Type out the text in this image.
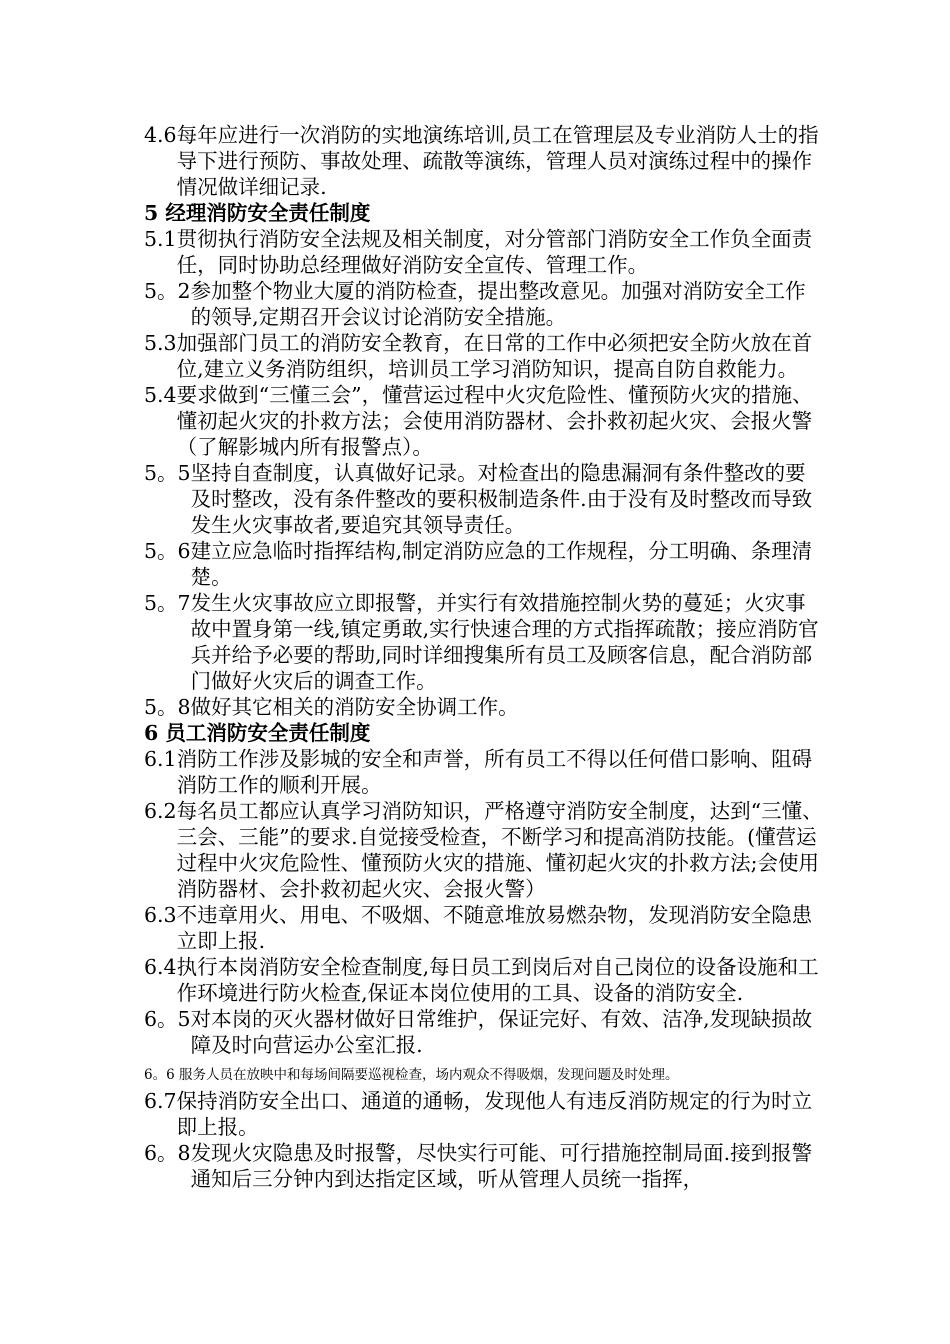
4.6 每年应进行一次消防的实地演练培训,员工在管理层及专业消防人士的指导下进行预防、事故处理、疏散等演练，管理人员对演练过程中的操作情况做详细记录.
5 经理消防安全责任制度
5.1 贯彻执行消防安全法规及相关制度，对分管部门消防安全工作负全面责任，同时协助总经理做好消防安全宣传、管理工作。
5。2 参加整个物业大厦的消防检查，提出整改意见。加强对消防安全工作的领导,定期召开会议讨论消防安全措施。
5.3 加强部门员工的消防安全教育，在日常的工作中必须把安全防火放在首位,建立义务消防组织，培训员工学习消防知识，提高自防自救能力。
5.4 要求做到“三懂三会”，懂营运过程中火灾危险性、懂预防火灾的措施、懂初起火灾的扑救方法；会使用消防器材、会扑救初起火灾、会报火警（了解影城内所有报警点）。
5。5 坚持自查制度，认真做好记录。对检查出的隐患漏洞有条件整改的要及时整改，没有条件整改的要积极制造条件.由于没有及时整改而导致发生火灾事故者,要追究其领导责任。
5。6 建立应急临时指挥结构,制定消防应急的工作规程，分工明确、条理清楚。
5。7 发生火灾事故应立即报警，并实行有效措施控制火势的蔓延；火灾事故中置身第一线,镇定勇敢,实行快速合理的方式指挥疏散；接应消防官兵并给予必要的帮助,同时详细搜集所有员工及顾客信息，配合消防部门做好火灾后的调查工作。
5。8 做好其它相关的消防安全协调工作。
6 员工消防安全责任制度
6.1 消防工作涉及影城的安全和声誉，所有员工不得以任何借口影响、阻碍消防工作的顺利开展。
6.2 每名员工都应认真学习消防知识，严格遵守消防安全制度，达到“三懂、三会、三能”的要求.自觉接受检查，不断学习和提高消防技能。(懂营运过程中火灾危险性、懂预防火灾的措施、懂初起火灾的扑救方法;会使用消防器材、会扑救初起火灾、会报火警）
6.3 不违章用火、用电、不吸烟、不随意堆放易燃杂物，发现消防安全隐患立即上报.
6.4 执行本岗消防安全检查制度,每日员工到岗后对自己岗位的设备设施和工作环境进行防火检查,保证本岗位使用的工具、设备的消防安全.
6。5 对本岗的灭火器材做好日常维护，保证完好、有效、洁净,发现缺损故障及时向营运办公室汇报.
6。6 服务人员在放映中和每场间隔要巡视检查，场内观众不得吸烟，发现问题及时处理。
6.7 保持消防安全出口、通道的通畅，发现他人有违反消防规定的行为时立即上报。
6。8 发现火灾隐患及时报警，尽快实行可能、可行措施控制局面.接到报警通知后三分钟内到达指定区域，听从管理人员统一指挥，
